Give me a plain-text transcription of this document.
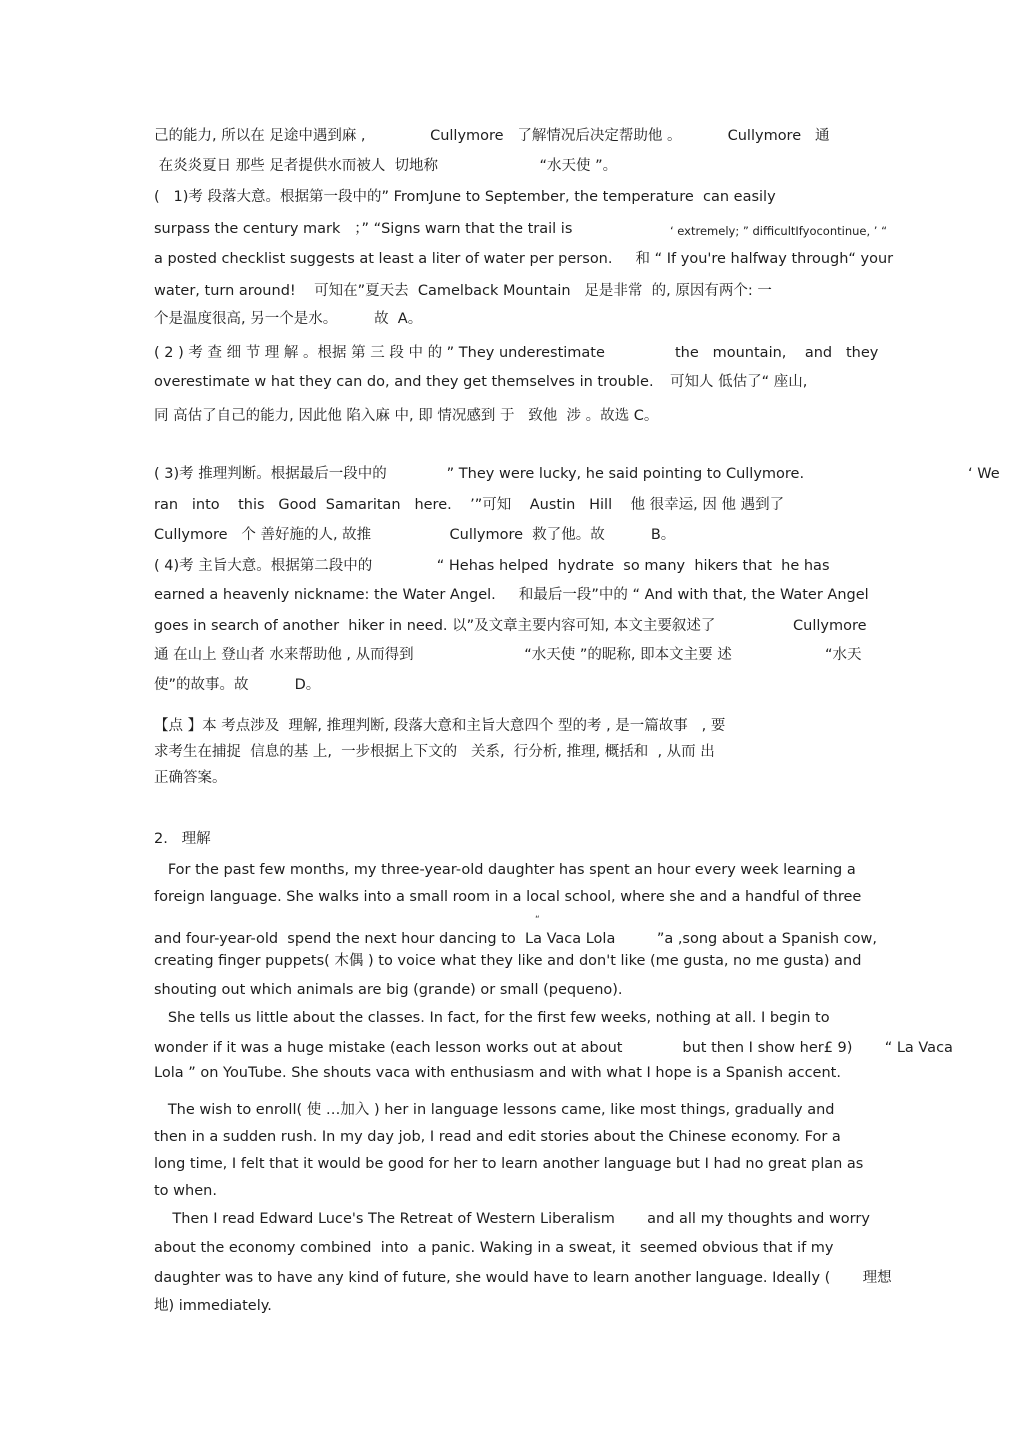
己的能力, 所以在 足途中遇到麻 ,              Cullymore   了解情况后决定帮助他 。          Cullymore   通
在炎炎夏日 那些 足者提供水而被人  切地称                      “水天使 ”。
(   1)考 段落大意。根据第一段中的” FromJune to September, the temperature  can easily
surpass the century mark   ；” “Signs warn that the trail is	‘ extremely; ” difficultIfyocontinue, ’ “
a posted checklist suggests at least a liter of water per person.     和 “ If you're halfway through“ your
water, turn around!    可知在”夏天去  Camelback Mountain   足是非常  的, 原因有两个: 一
个是温度很高, 另一个是水。        故  A。
( 2 ) 考 查 细 节 理 解 。根据 第 三 段 中 的 ” They underestimate	the   mountain,    and   they
overestimate w hat they can do, and they get themselves in trouble. 可知人 低估了“ 座山,
同 高估了自己的能力, 因此他 陷入麻 中, 即 情况感到 于   致他  涉 。故选 C。
( 3)考 推理判断。根据最后一段中的             ” They were lucky, he said pointing to Cullymore.	‘ We
ran   into    this   Good  Samaritan   here.    ’”可知    Austin   Hill    他 很幸运, 因 他 遇到了
Cullymore   个 善好施的人, 故推                 Cullymore  救了他。故          B。
( 4)考 主旨大意。根据第二段中的              “ Hehas helped  hydrate  so many  hikers that  he has
earned a heavenly nickname: the Water Angel.     和最后一段”中的 “ And with that, the Water Angel
goes in search of another  hiker in need. 以”及文章主要内容可知, 本文主要叙述了	Cullymore
通 在山上 登山者 水来帮助他 , 从而得到                        “水天使 ”的昵称, 即本文主要 述	“水天
使”的故事。故          D。
【点 】本 考点涉及  理解, 推理判断, 段落大意和主旨大意四个 型的考 , 是一篇故事   , 要
求考生在捕捉  信息的基 上,  一步根据上下文的   关系,  行分析, 推理, 概括和  , 从而 出
正确答案。
2.   理解
For the past few months, my three-year-old daughter has spent an hour every week learning a
foreign language. She walks into a small room in a local school, where she and a handful of three
“
and four-year-old  spend the next hour dancing to  La Vaca Lola         ”a ,song about a Spanish cow,
creating finger puppets( 木偶 ) to voice what they like and don't like (me gusta, no me gusta) and
shouting out which animals are big (grande) or small (pequeno).
She tells us little about the classes. In fact, for the first few weeks, nothing at all. I begin to
wonder if it was a huge mistake (each lesson works out at about             but then I show her£ 9)       “ La Vaca
Lola ” on YouTube. She shouts vaca with enthusiasm and with what I hope is a Spanish accent.
The wish to enroll( 使 …加入 ) her in language lessons came, like most things, gradually and
then in a sudden rush. In my day job, I read and edit stories about the Chinese economy. For a
long time, I felt that it would be good for her to learn another language but I had no great plan as
to when.
Then I read Edward Luce's The Retreat of Western Liberalism       and all my thoughts and worry
about the economy combined  into  a panic. Waking in a sweat, it  seemed obvious that if my
daughter was to have any kind of future, she would have to learn another language. Ideally (       理想
地) immediately.
